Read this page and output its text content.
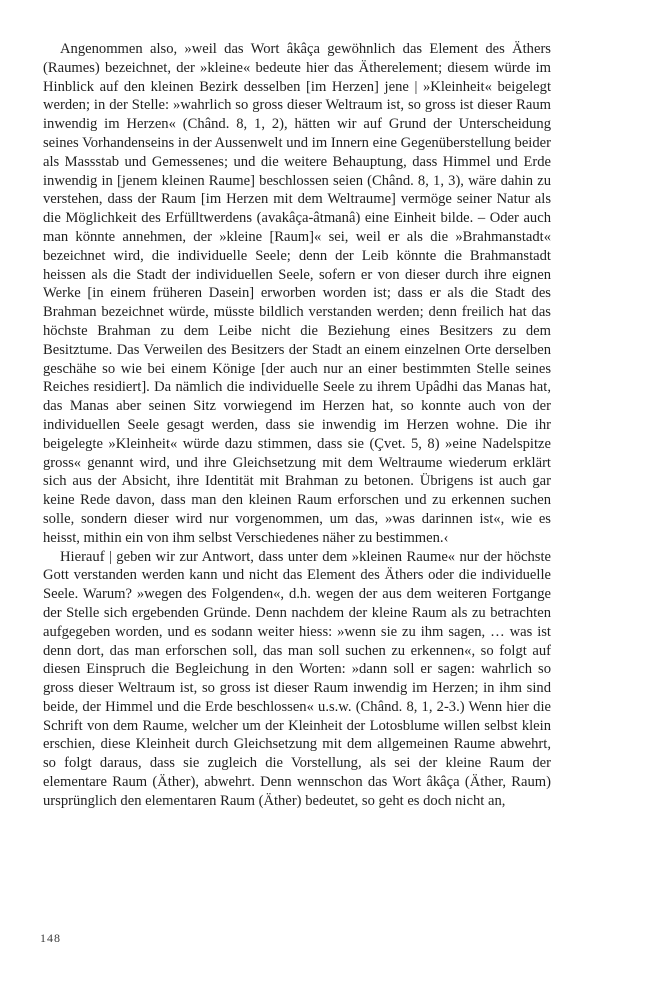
Angenommen also, »weil das Wort âkâça gewöhnlich das Element des Äthers (Raumes) bezeichnet, der »kleine« bedeute hier das Ätherelement; diesem würde im Hinblick auf den kleinen Bezirk desselben [im Herzen] jene | »Kleinheit« beigelegt werden; in der Stelle: »wahrlich so gross dieser Weltraum ist, so gross ist dieser Raum inwendig im Herzen« (Chând. 8, 1, 2), hätten wir auf Grund der Unterscheidung seines Vorhandenseins in der Aussenwelt und im Innern eine Gegenüberstellung beider als Massstab und Gemessenes; und die weitere Behauptung, dass Himmel und Erde inwendig in [jenem kleinen Raume] beschlossen seien (Chând. 8, 1, 3), wäre dahin zu verstehen, dass der Raum [im Herzen mit dem Weltraume] vermöge seiner Natur als die Möglichkeit des Erfülltwerdens (avakâça-âtmanâ) eine Einheit bilde. – Oder auch man könnte annehmen, der »kleine [Raum]« sei, weil er als die »Brahmanstadt« bezeichnet wird, die individuelle Seele; denn der Leib könnte die Brahmanstadt heissen als die Stadt der individuellen Seele, sofern er von dieser durch ihre eignen Werke [in einem früheren Dasein] erworben worden ist; dass er als die Stadt des Brahman bezeichnet würde, müsste bildlich verstanden werden; denn freilich hat das höchste Brahman zu dem Leibe nicht die Beziehung eines Besitzers zu dem Besitztume. Das Verweilen des Besitzers der Stadt an einem einzelnen Orte derselben geschähe so wie bei einem Könige [der auch nur an einer bestimmten Stelle seines Reiches residiert]. Da nämlich die individuelle Seele zu ihrem Upâdhi das Manas hat, das Manas aber seinen Sitz vorwiegend im Herzen hat, so konnte auch von der individuellen Seele gesagt werden, dass sie inwendig im Herzen wohne. Die ihr beigelegte »Kleinheit« würde dazu stimmen, dass sie (Çvet. 5, 8) »eine Nadelspitze gross« genannt wird, und ihre Gleichsetzung mit dem Weltraume wiederum erklärt sich aus der Absicht, ihre Identität mit Brahman zu betonen. Übrigens ist auch gar keine Rede davon, dass man den kleinen Raum erforschen und zu erkennen suchen solle, sondern dieser wird nur vorgenommen, um das, »was darinnen ist«, wie es heisst, mithin ein von ihm selbst Verschiedenes näher zu bestimmen.‹

Hierauf | geben wir zur Antwort, dass unter dem »kleinen Raume« nur der höchste Gott verstanden werden kann und nicht das Element des Äthers oder die individuelle Seele. Warum? »wegen des Folgenden«, d.h. wegen der aus dem weiteren Fortgange der Stelle sich ergebenden Gründe. Denn nachdem der kleine Raum als zu betrachten aufgegeben worden, und es sodann weiter hiess: »wenn sie zu ihm sagen, … was ist denn dort, das man erforschen soll, das man soll suchen zu erkennen«, so folgt auf diesen Einspruch die Begleichung in den Worten: »dann soll er sagen: wahrlich so gross dieser Weltraum ist, so gross ist dieser Raum inwendig im Herzen; in ihm sind beide, der Himmel und die Erde beschlossen« u.s.w. (Chând. 8, 1, 2-3.) Wenn hier die Schrift von dem Raume, welcher um der Kleinheit der Lotosblume willen selbst klein erschien, diese Kleinheit durch Gleichsetzung mit dem allgemeinen Raume abwehrt, so folgt daraus, dass sie zugleich die Vorstellung, als sei der kleine Raum der elementare Raum (Äther), abwehrt. Denn wennschon das Wort âkâça (Äther, Raum) ursprünglich den elementaren Raum (Äther) bedeutet, so geht es doch nicht an,

148
